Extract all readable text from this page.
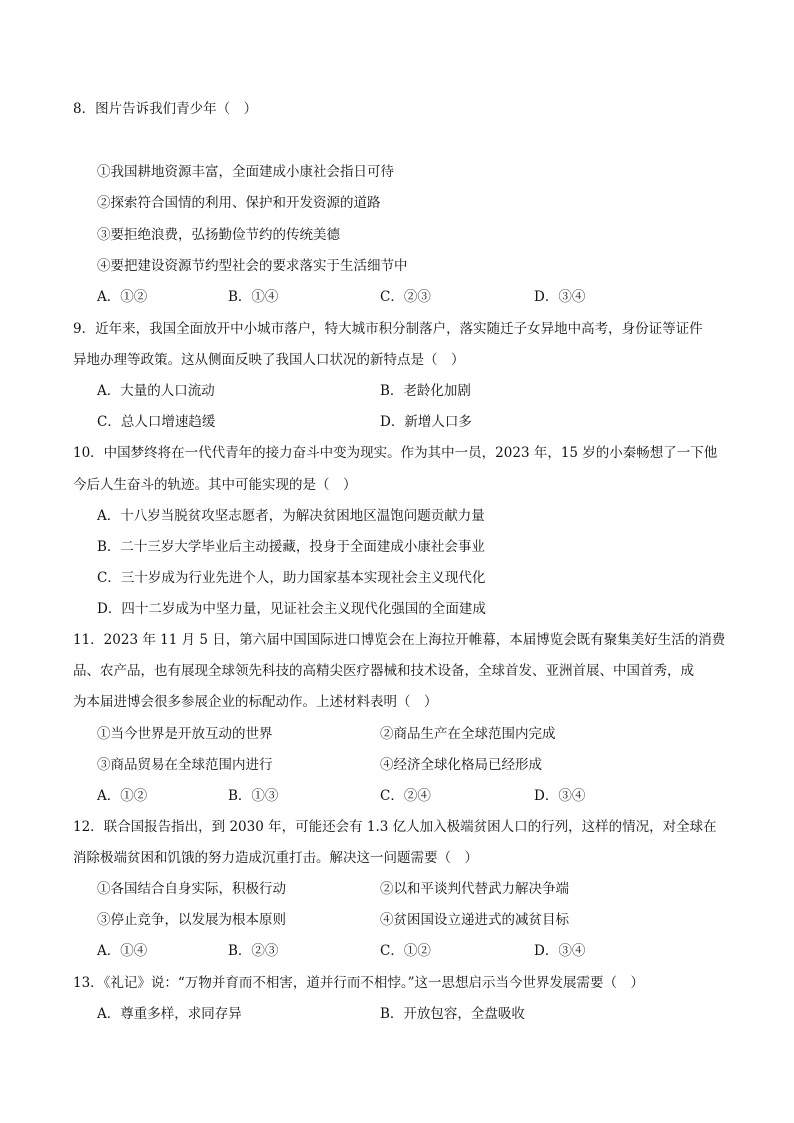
8．图片告诉我们青少年（　）
①我国耕地资源丰富，全面建成小康社会指日可待
②探索符合国情的利用、保护和开发资源的道路
③要拒绝浪费，弘扬勤俭节约的传统美德
④要把建设资源节约型社会的要求落实于生活细节中
A．①②	B．①④	C．②③	D．③④
9．近年来，我国全面放开中小城市落户，特大城市积分制落户，落实随迁子女异地中高考，身份证等证件
异地办理等政策。这从侧面反映了我国人口状况的新特点是（　）
A．大量的人口流动	B．老龄化加剧
C．总人口增速趋缓	D．新增人口多
10．中国梦终将在一代代青年的接力奋斗中变为现实。作为其中一员，2023 年，15 岁的小秦畅想了一下他
今后人生奋斗的轨迹。其中可能实现的是（　）
A．十八岁当脱贫攻坚志愿者，为解决贫困地区温饱问题贡献力量
B．二十三岁大学毕业后主动援藏，投身于全面建成小康社会事业
C．三十岁成为行业先进个人，助力国家基本实现社会主义现代化
D．四十二岁成为中坚力量，见证社会主义现代化强国的全面建成
11．2023 年 11 月 5 日，第六届中国国际进口博览会在上海拉开帷幕，本届博览会既有聚集美好生活的消费
品、农产品，也有展现全球领先科技的高精尖医疗器械和技术设备，全球首发、亚洲首展、中国首秀，成
为本届进博会很多参展企业的标配动作。上述材料表明（　）
①当今世界是开放互动的世界	②商品生产在全球范围内完成
③商品贸易在全球范围内进行	④经济全球化格局已经形成
A．①②	B．①③	C．②④	D．③④
12．联合国报告指出，到 2030 年，可能还会有 1.3 亿人加入极端贫困人口的行列，这样的情况，对全球在
消除极端贫困和饥饿的努力造成沉重打击。解决这一问题需要（　）
①各国结合自身实际，积极行动	②以和平谈判代替武力解决争端
③停止竞争，以发展为根本原则	④贫困国设立递进式的减贫目标
A．①④	B．②③	C．①②	D．③④
13．《礼记》说：“万物并育而不相害，道并行而不相悖。”这一思想启示当今世界发展需要（　）
A．尊重多样，求同存异	B．开放包容，全盘吸收
